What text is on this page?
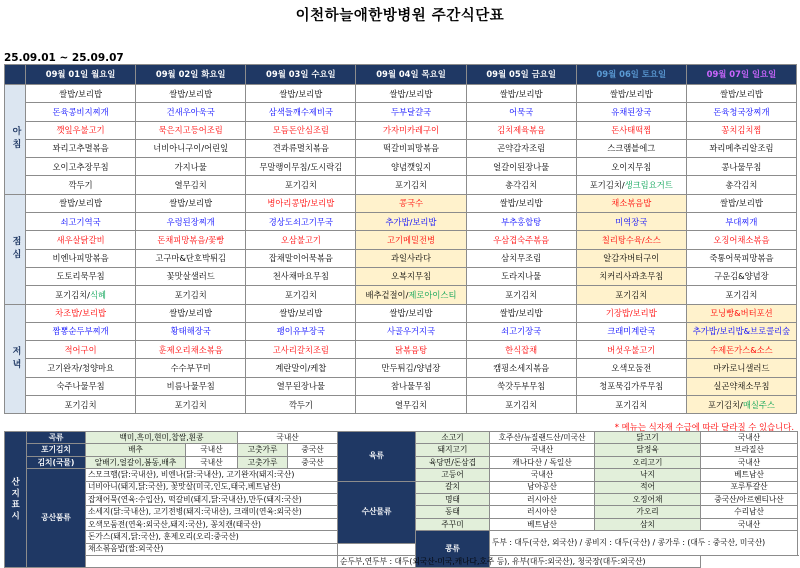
이천하늘애한방병원 주간식단표
25.09.01 ~ 25.09.07
	09월 01일 월요일	09월 02일 화요일	09월 03일 수요일	09월 04일 목요일	09월 05일 금요일	09월 06일 토요일	09월 07일 일요일
아침	쌀밥/보리밥	쌀밥/보리밥	쌀밥/보리밥	쌀밥/보리밥	쌀밥/보리밥	쌀밥/보리밥	쌀밥/보리밥
	돈육콩비지찌개	건새우아욱국	삼색들깨수제비국	두부달걀국	어묵국	유채된장국	돈육청국장찌개
	깻잎우불고기	묵은지고등어조림	모듬돈안심조림	가자미카레구이	김치제육볶음	돈사태떡찜	꽁치김치찜
	꽈리고추멸볶음	너비아니구이/어린잎	견과류멸치볶음	떡갈비피망볶음	곤약감자조림	스크램블에그	꽈리메추리알조림
	오이고추장무침	가지나물	무말랭이무침/도시락김	양념깻잎지	얼갈이된장나물	오이지무침	콩나물무침
	깍두기	열무김치	포기김치	포기김치	총각김치	포기김치/생크림요거트	총각김치
점심	쌀밥/보리밥	쌀밥/보리밥	병아리콩밥/보리밥	콩국수	쌀밥/보리밥	채소볶음밥	쌀밥/보리밥
	쇠고기역국	우렁된장찌개	경상도쇠고기무국	추가밥/보리밥	부추홍합탕	미역장국	부대찌개
	새우살닭갈비	돈채피망볶음/꽃빵	오삼불고기	고기메밀전병	우삼겹숙주볶음	칠리탕수육/소스	오징어채소볶음
	비엔나피망볶음	고구마&단호박튀김	잡채말이어묵볶음	과일사라다	삼치무조림	알감자버터구이	죽통어묵피망볶음
	도토리묵무침	꽃맛살샐러드	천사채마요무침	오복지무침	도라지나물	치커리사과초무침	구운김&양념장
	포기김치/식혜	포기김치	포기김치	배추겉절이/제로아이스티	포기김치	포기김치	포기김치
저녁	차조밥/보리밥	쌀밥/보리밥	쌀밥/보리밥	쌀밥/보리밥	쌀밥/보리밥	기장밥/보리밥	모닝빵&버터포션
	짬뽕순두부찌개	황태해장국	팽이유부장국	사골우거지국	쇠고기장국	크래미계란국	추가밥/보리밥&브로콜리숲
	적어구이	훈제오리채소볶음	고사리갈치조림	닭볶음탕	한식잡채	버섯우불고기	수제돈가스&소스
	고기완자/청양마요	수수부꾸미	계란말이/케찹	만두튀김/양념장	캠핑소세지볶음	오색모둠전	마카로니샐러드
	숙주나물무침	비름나물무침	열무된장나물	참나물무침	쑥갓두부무침	청포묵김가루무침	실곤약채소무침
	포기김치	포기김치	깍두기	열무김치	포기김치	포기김치	포기김치/매실주스
* 메뉴는 식자재 수급에 따라 달라질 수 있습니다.
산지표시	곡류	백미,흑미,현미,찹쌀,흰콩		국내산		육류	소고기	호주산/뉴질랜드산/미국산	닭고기	국내산
	포기김치	배추	국내산	고춧가루	중국산		돼지고기	국내산	닭정육	브라질산
	김치(국물)	알배기,얼갈이,봄동,배추	국내산	고춧가루	중국산		육당면/돈삼겹	캐나다산 / 독일산	오리고기	국내산
	공산품류	스모크햄(닭:국내산), 비엔나(닭:국내산), 고기완자(돼지:국산)					고등어	국내산	낙지	베트남산
		너비아니(돼지,닭:국산), 꽃맛살(미국,인도,태국,베트남산)				수산물류	갈치	남아공산	적어	포루투갈산
		잡채어묵(연육:수입산), 떡갈비(돼지,닭:국내산),만두(돼지:국산)					명태	러시아산	오징어채	중국산/아르헨티나산
		소세지(닭:국내산), 고기전병(돼지:국내산), 크래미(연육:외국산)					동태	러시아산	가오리	수리남산
		오색모둠전(연육:외국산,돼지:국산), 꽁치캔(태국산)					주꾸미	베트남산	삼치	국내산
		돈가스(돼지,닭:국산), 훈제오리(오리:중국산)					콩류	두부 : 대두(국산, 외국산) / 콩비지 : 대두(국산) / 콩가루 : (대두 : 중국산, 미국산)		
		채소볶음밥(쌀:외국산)								
						순두부,연두부 : 대두(외국산-미국,캐나다,호주 등), 유부(대두:외국산), 청국장(대두:외국산)				
